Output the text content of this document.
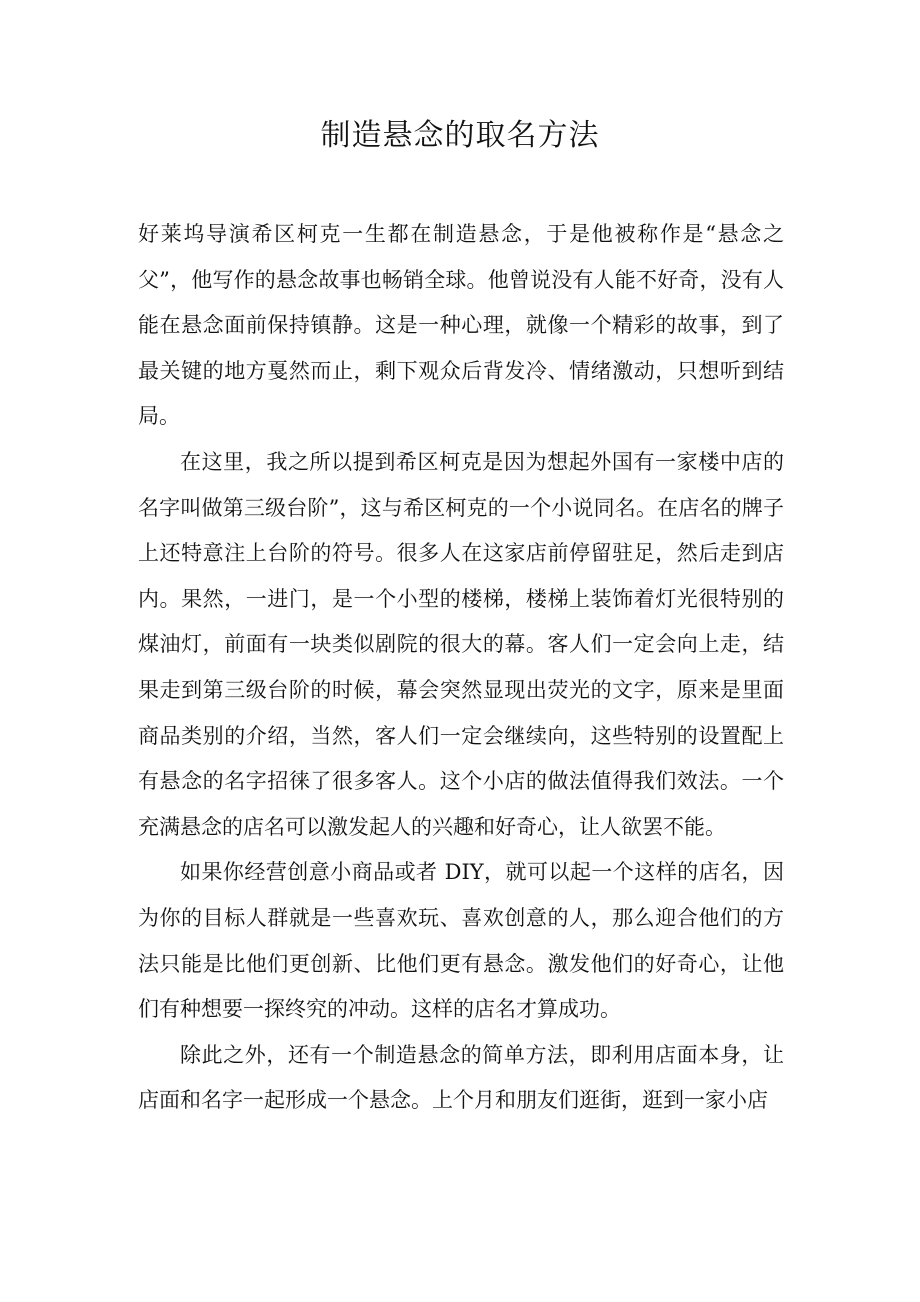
制造悬念的取名方法

好莱坞导演希区柯克一生都在制造悬念，于是他被称作是“悬念之父”，他写作的悬念故事也畅销全球。他曾说没有人能不好奇，没有人能在悬念面前保持镇静。这是一种心理，就像一个精彩的故事，到了最关键的地方戛然而止，剩下观众后背发冷、情绪激动，只想听到结局。

在这里，我之所以提到希区柯克是因为想起外国有一家楼中店的名字叫做第三级台阶”，这与希区柯克的一个小说同名。在店名的牌子上还特意注上台阶的符号。很多人在这家店前停留驻足，然后走到店内。果然，一进门，是一个小型的楼梯，楼梯上装饰着灯光很特别的煤油灯，前面有一块类似剧院的很大的幕。客人们一定会向上走，结果走到第三级台阶的时候，幕会突然显现出荧光的文字，原来是里面商品类别的介绍，当然，客人们一定会继续向，这些特别的设置配上有悬念的名字招徕了很多客人。这个小店的做法值得我们效法。一个充满悬念的店名可以激发起人的兴趣和好奇心，让人欲罢不能。

如果你经营创意小商品或者 DIY，就可以起一个这样的店名，因为你的目标人群就是一些喜欢玩、喜欢创意的人，那么迎合他们的方法只能是比他们更创新、比他们更有悬念。激发他们的好奇心，让他们有种想要一探终究的冲动。这样的店名才算成功。

除此之外，还有一个制造悬念的简单方法，即利用店面本身，让店面和名字一起形成一个悬念。上个月和朋友们逛街，逛到一家小店
